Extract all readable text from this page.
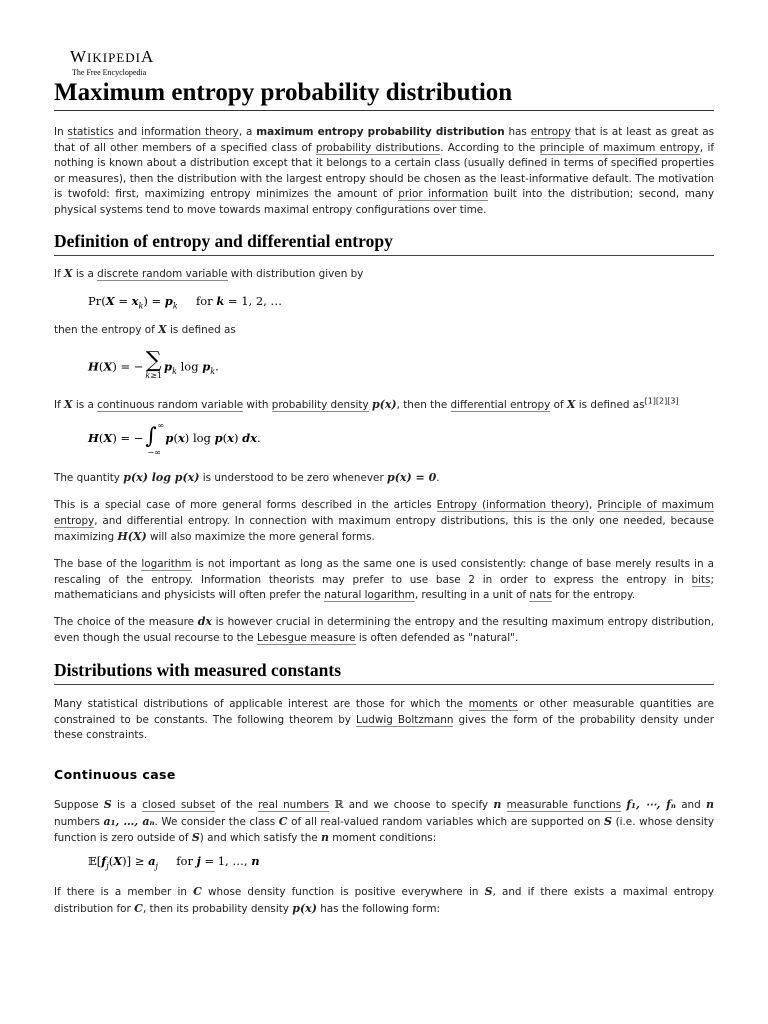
WIKIPEDIA
The Free Encyclopedia
Maximum entropy probability distribution

In statistics and information theory, a maximum entropy probability distribution has entropy that is at least as great as that of all other members of a specified class of probability distributions. According to the principle of maximum entropy, if nothing is known about a distribution except that it belongs to a certain class (usually defined in terms of specified properties or measures), then the distribution with the largest entropy should be chosen as the least-informative default. The motivation is twofold: first, maximizing entropy minimizes the amount of prior information built into the distribution; second, many physical systems tend to move towards maximal entropy configurations over time.

Definition of entropy and differential entropy

If X is a discrete random variable with distribution given by

$Pr(X = x_k) = p_k$     for k = 1, 2, …

then the entropy of X is defined as

H(X) = − ∑
$^{k\ge 1}p_k$ $\log p_k$.

If X is a continuous random variable with probability density p(x), then the differential entropy of X is defined as[1][2][3]

H(X) = − ∫ ∞
−∞
p(x) log p(x) dx.

The quantity p(x) log p(x) is understood to be zero whenever p(x) = 0.

This is a special case of more general forms described in the articles Entropy (information theory), Principle of maximum entropy, and differential entropy. In connection with maximum entropy distributions, this is the only one needed, because maximizing H(X) will also maximize the more general forms.

The base of the logarithm is not important as long as the same one is used consistently: change of base merely results in a rescaling of the entropy. Information theorists may prefer to use base 2 in order to express the entropy in bits; mathematicians and physicists will often prefer the natural logarithm, resulting in a unit of nats for the entropy.

The choice of the measure dx is however crucial in determining the entropy and the resulting maximum entropy distribution, even though the usual recourse to the Lebesgue measure is often defended as "natural".

Distributions with measured constants

Many statistical distributions of applicable interest are those for which the moments or other measurable quantities are constrained to be constants. The following theorem by Ludwig Boltzmann gives the form of the probability density under these constraints.

Continuous case

Suppose S is a closed subset of the real numbers ℝ and we choose to specify n measurable functions f₁, ⋯, fₙ and n numbers a₁, …, aₙ. We consider the class C of all real-valued random variables which are supported on S (i.e. whose density function is zero outside of S) and which satisfy the n moment conditions:

$𝔼[f_j(X)] \ge a_j$     for j = 1, …, n

If there is a member in C whose density function is positive everywhere in S, and if there exists a maximal entropy distribution for C, then its probability density p(x) has the following form:
